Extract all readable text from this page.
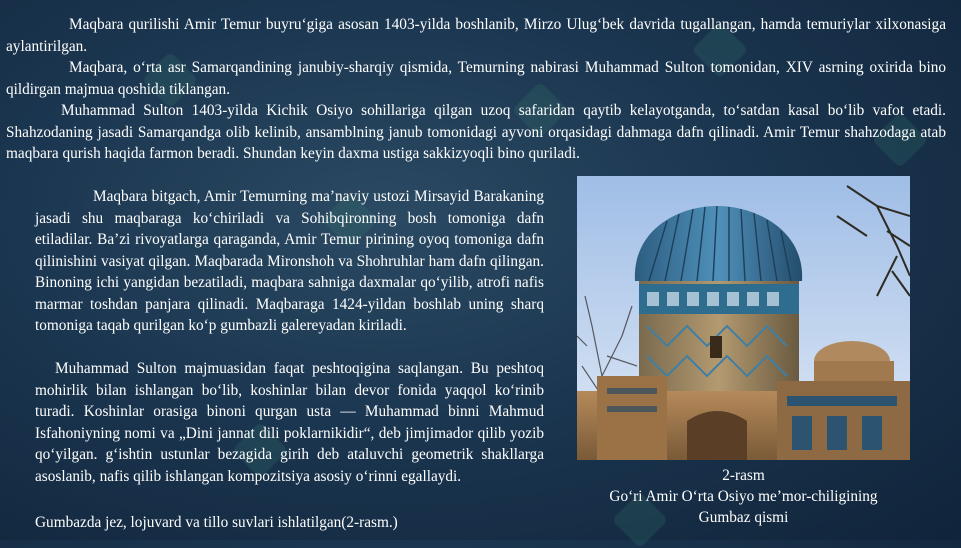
Maqbara qurilishi Amir Temur buyru‘giga asosan 1403-yilda boshlanib, Mirzo Ulug‘bek davrida tugallangan, hamda temuriylar xilxonasiga aylantirilgan.

Maqbara, o‘rta asr Samarqandining janubiy-sharqiy qismida, Temurning nabirasi Muhammad Sulton tomonidan, XIV asrning oxirida bino qildirgan majmua qoshida tiklangan.

Muhammad Sulton 1403-yilda Kichik Osiyo sohillariga qilgan uzoq safaridan qaytib kelayotganda, to‘satdan kasal bo‘lib vafot etadi. Shahzodaning jasadi Samarqandga olib kelinib, ansamblning janub tomonidagi ayvoni orqasidagi dahmaga dafn qilinadi. Amir Temur shahzodaga atab maqbara qurish haqida farmon beradi. Shundan keyin daxma ustiga sakkizyoqli bino quriladi.

Maqbara bitgach, Amir Temurning ma’naviy ustozi Mirsayid Barakaning jasadi shu maqbaraga ko‘chiriladi va Sohibqironning bosh tomoniga dafn etiladilar. Ba’zi rivoyatlarga qaraganda, Amir Temur pirining oyoq tomoniga dafn qilinishini vasiyat qilgan. Maqbarada Mironshoh va Shohruhlar ham dafn qilingan. Binoning ichi yangidan bezatiladi, maqbara sahniga daxmalar qo‘yilib, atrofi nafis marmar toshdan panjara qilinadi. Maqbaraga 1424-yildan boshlab uning sharq tomoniga taqab qurilgan ko‘p gumbazli galereyadan kiriladi.

Muhammad Sulton majmuasidan faqat peshtoqigina saqlangan. Bu peshtoq mohirlik bilan ishlangan bo‘lib, koshinlar bilan devor fonida yaqqol ko‘rinib turadi. Koshinlar orasiga binoni qurgan usta — Muhammad binni Mahmud Isfahoniyning nomi va „Dini jannat dili poklarnikidir“, deb jimjimador qilib yozib qo‘yilgan. g‘ishtin ustunlar bezagida girih deb ataluvchi geometrik shakllarga asoslanib, nafis qilib ishlangan kompozitsiya asosiy o‘rinni egallaydi.

Gumbazda jez, lojuvard va tillo suvlari ishlatilgan(2-rasm.)

2-rasm

Go‘ri Amir O‘rta Osiyo me’mor-chiligining

Gumbaz qismi
